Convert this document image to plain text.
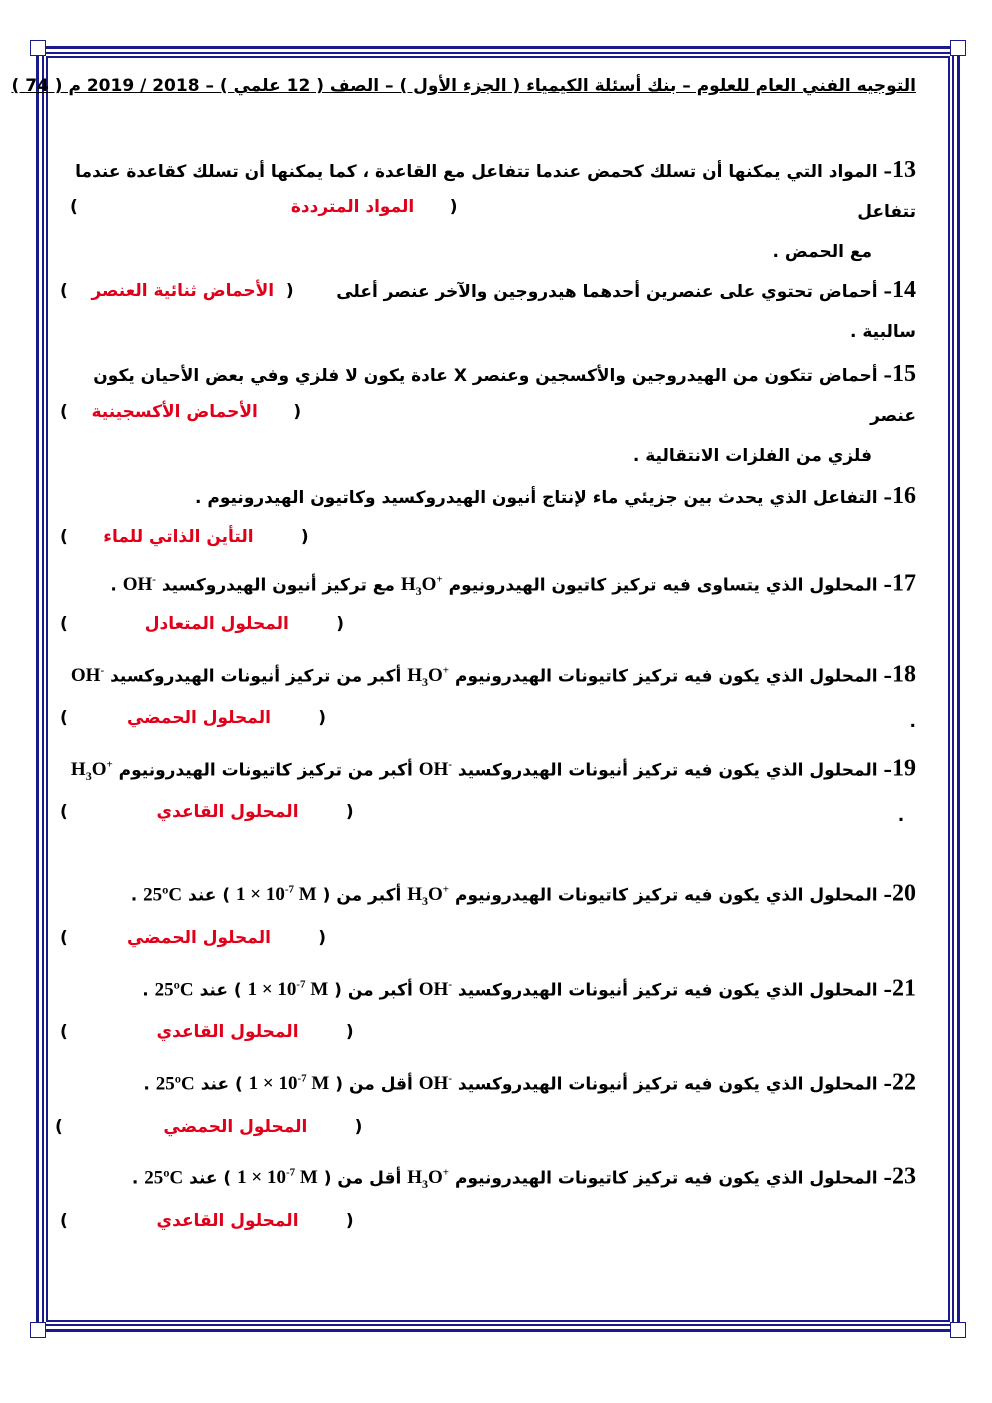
التوجيه الفني العام للعلوم – بنك أسئلة الكيمياء ( الجزء الأول ) – الصف ( 12 علمي ) – 2018 / 2019 م ( 74 )
13– المواد التي يمكنها أن تسلك كحمض عندما تتفاعل مع القاعدة ، كما يمكنها أن تسلك كقاعدة عندما تتفاعل
مع الحمض .
(      المواد المترددة                                    )
14– أحماض تحتوي على عنصرين أحدهما هيدروجين والآخر عنصر أعلى سالبية .
(  الأحماض ثنائية العنصر    )
15– أحماض تتكون من الهيدروجين والأكسجين وعنصر X عادة يكون لا فلزي وفي بعض الأحيان يكون عنصر
فلزي من الفلزات الانتقالية .
(      الأحماض الأكسجينية    )
16– التفاعل الذي يحدث بين جزيئي ماء لإنتاج أنيون الهيدروكسيد وكاتيون الهيدرونيوم .
(        التأين الذاتي للماء      )
17– المحلول الذي يتساوى فيه تركيز كاتيون الهيدرونيوم $H_3O^+$ مع تركيز أنيون الهيدروكسيد OH- .
(        المحلول المتعادل             )
18– المحلول الذي يكون فيه تركيز كاتيونات الهيدرونيوم $H_3O^+$ أكبر من تركيز أنيونات الهيدروكسيد OH- .
(        المحلول الحمضي          )
19– المحلول الذي يكون فيه تركيز أنيونات الهيدروكسيد OH- أكبر من تركيز كاتيونات الهيدرونيوم $H_3O^+$   .
(        المحلول القاعدي               )
20– المحلول الذي يكون فيه تركيز كاتيونات الهيدرونيوم $H_3O^+$ أكبر من ( $1 \times 10^{-7}$ M ) عند 25ºC .
(        المحلول الحمضي          )
21– المحلول الذي يكون فيه تركيز أنيونات الهيدروكسيد OH- أكبر من ( $1 \times 10^{-7}$ M ) عند 25ºC .
(        المحلول القاعدي               )
22– المحلول الذي يكون فيه تركيز أنيونات الهيدروكسيد OH- أقل من ( $1 \times 10^{-7}$ M ) عند 25ºC .
(        المحلول الحمضي                 )
23– المحلول الذي يكون فيه تركيز كاتيونات الهيدرونيوم $H_3O^+$ أقل من ( $1 \times 10^{-7}$ M ) عند 25ºC .
(        المحلول القاعدي               )
